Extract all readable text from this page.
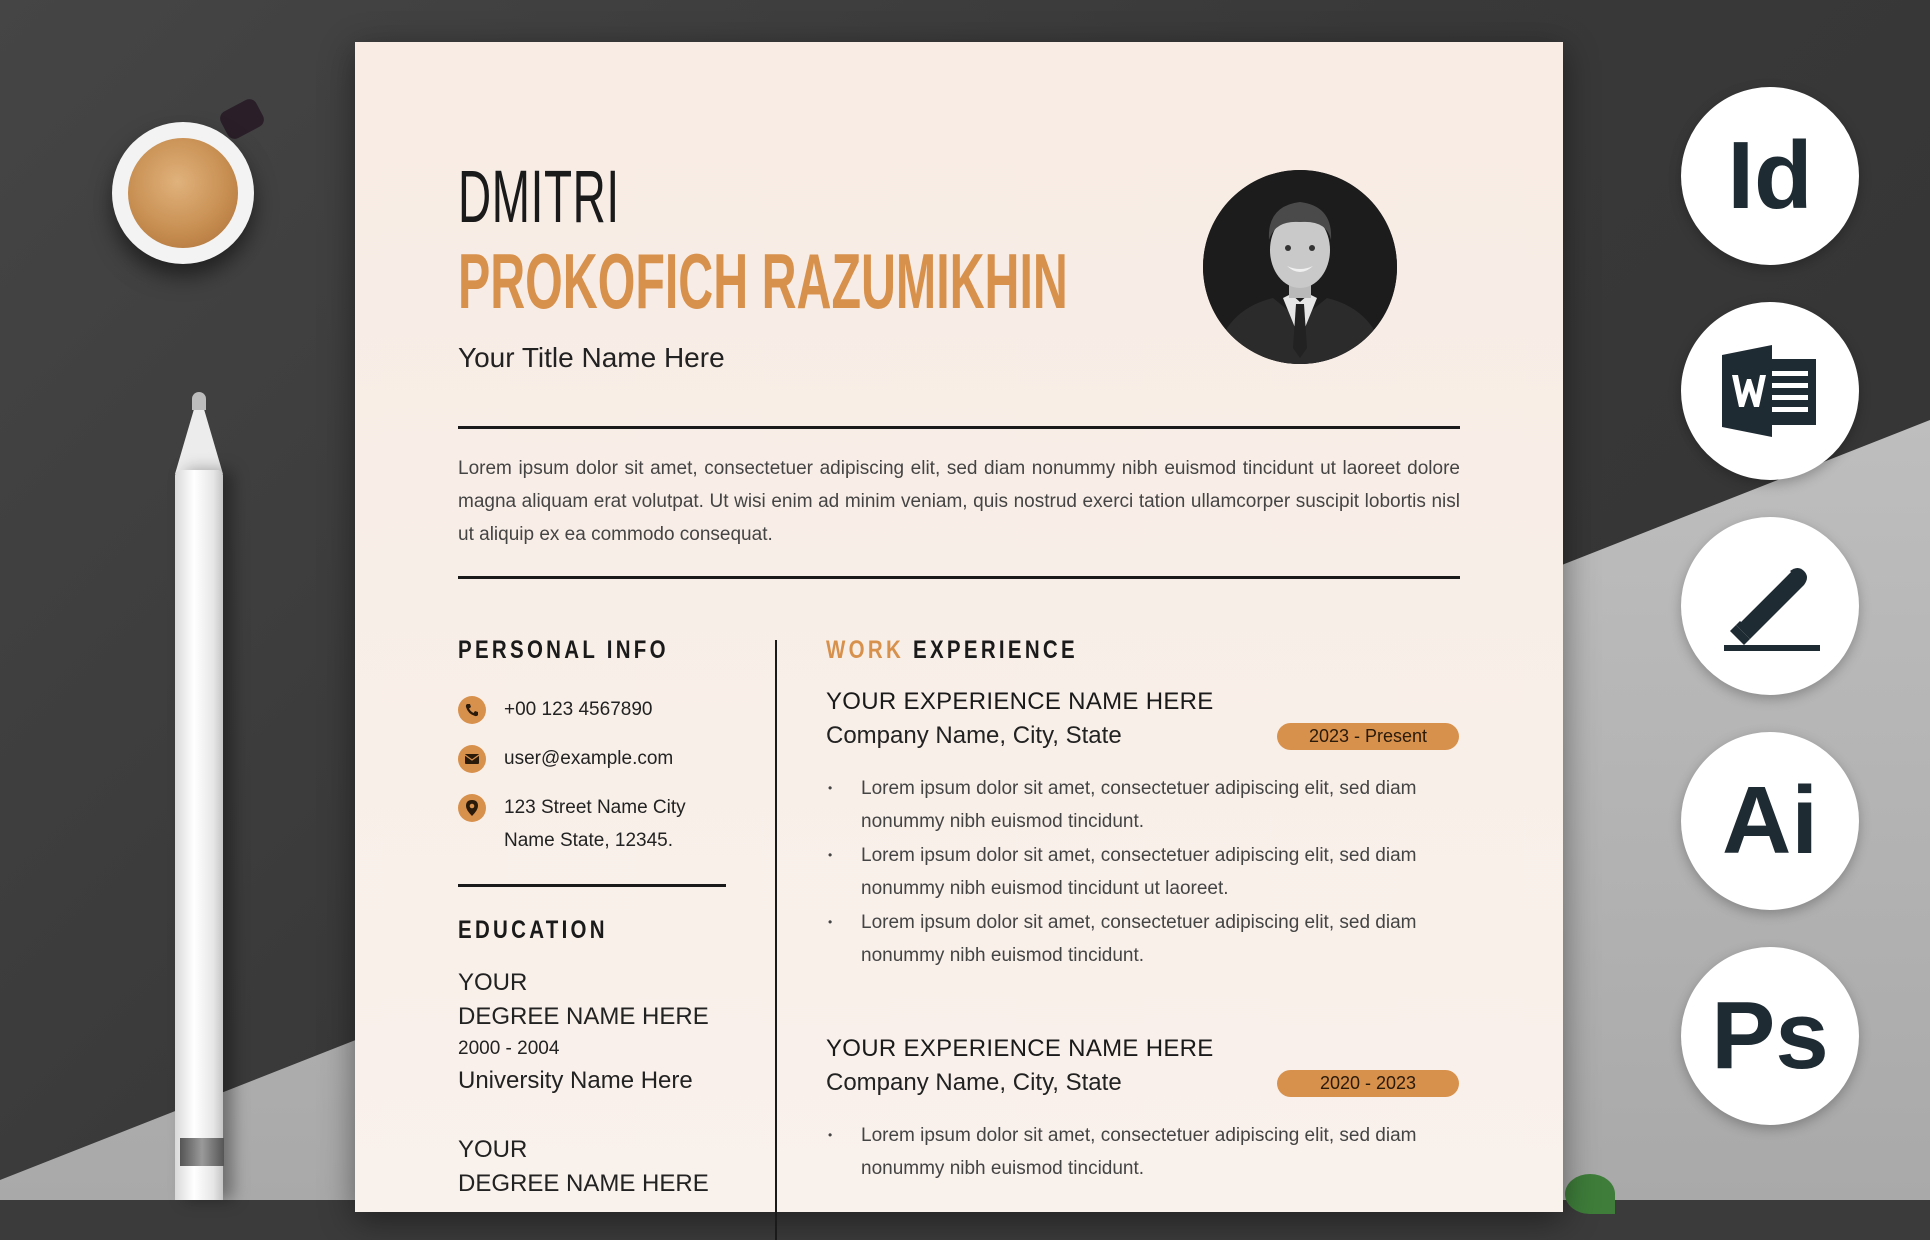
DMITRI
PROKOFICH RAZUMIKHIN
Your Title Name Here
Lorem ipsum dolor sit amet, consectetuer adipiscing elit, sed diam nonummy nibh euismod tincidunt ut laoreet dolore magna aliquam erat volutpat. Ut wisi enim ad minim veniam, quis nostrud exerci tation ullamcorper suscipit lobortis nisl ut aliquip ex ea commodo consequat.
PERSONAL INFO
+00 123 4567890
user@example.com
123 Street Name City
Name State, 12345.
EDUCATION
YOUR
DEGREE NAME HERE
2000 - 2004
University Name Here
YOUR
DEGREE NAME HERE
WORK EXPERIENCE
YOUR EXPERIENCE NAME HERE
Company Name, City, State	2023 - Present
• Lorem ipsum dolor sit amet, consectetuer adipiscing elit, sed diam nonummy nibh euismod tincidunt.
• Lorem ipsum dolor sit amet, consectetuer adipiscing elit, sed diam nonummy nibh euismod tincidunt ut laoreet.
• Lorem ipsum dolor sit amet, consectetuer adipiscing elit, sed diam nonummy nibh euismod tincidunt.
YOUR EXPERIENCE NAME HERE
Company Name, City, State	2020 - 2023
• Lorem ipsum dolor sit amet, consectetuer adipiscing elit, sed diam nonummy nibh euismod tincidunt.
Id
Ai
Ps
